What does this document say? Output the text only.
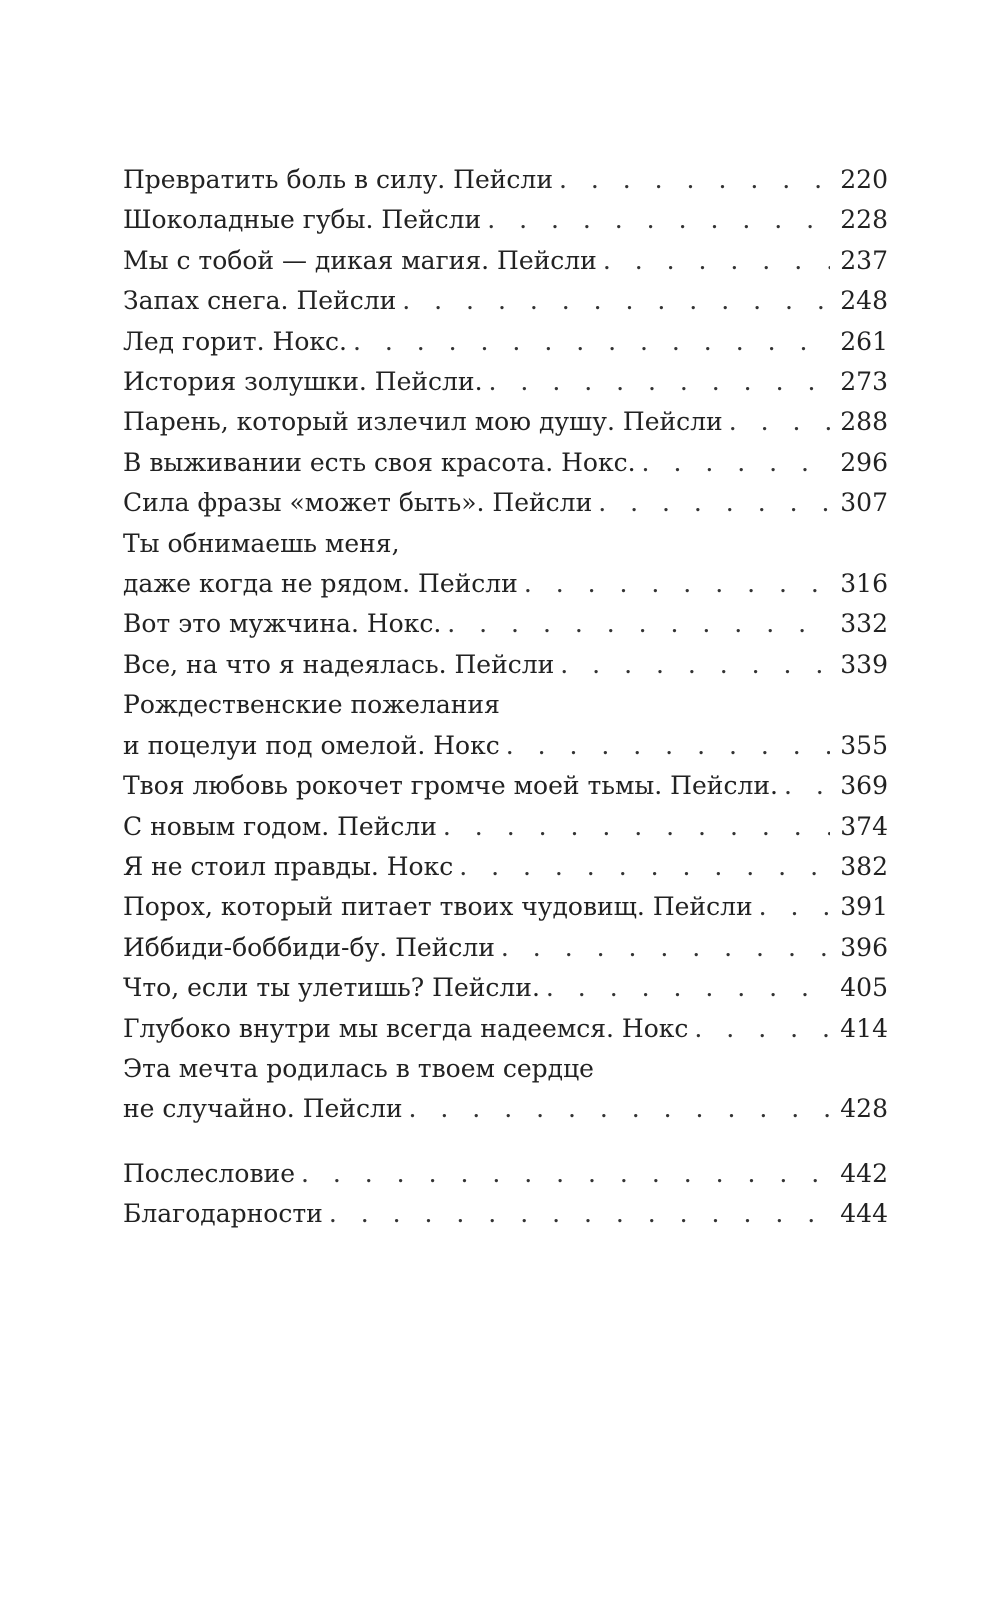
Превратить боль в силу. Пейсли . . .	220
Шоколадные губы. Пейсли . . .	228
Мы с тобой — дикая магия. Пейсли . . .	237
Запах снега. Пейсли . . .	248
Лед горит. Нокс. . . .	261
История золушки. Пейсли. . . .	273
Парень, который излечил мою душу. Пейсли . . .	288
В выживании есть своя красота. Нокс. . . .	296
Сила фразы «может быть». Пейсли . . .	307
Ты обнимаешь меня,
даже когда не рядом. Пейсли . . .	316
Вот это мужчина. Нокс. . . .	332
Все, на что я надеялась. Пейсли . . .	339
Рождественские пожелания
и поцелуи под омелой. Нокс . . .	355
Твоя любовь рокочет громче моей тьмы. Пейсли. . . . 369
С новым годом. Пейсли . . .	374
Я не стоил правды. Нокс . . .	382
Порох, который питает твоих чудовищ. Пейсли . . .	391
Иббиди-боббиди-бу. Пейсли . . .	396
Что, если ты улетишь? Пейсли. . . .	405
Глубоко внутри мы всегда надеемся. Нокс . . .	414
Эта мечта родилась в твоем сердце
не случайно. Пейсли . . .	428
Послесловие . . .	442
Благодарности . . .	444
